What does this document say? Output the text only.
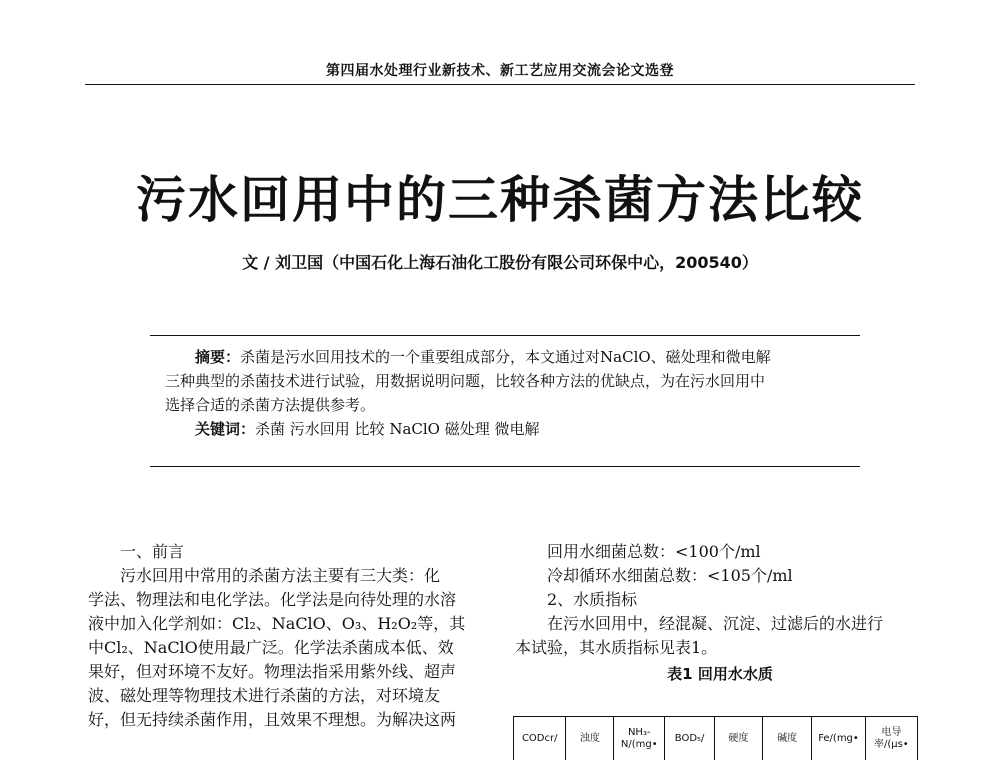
第四届水处理行业新技术、新工艺应用交流会论文选登
污水回用中的三种杀菌方法比较
文 / 刘卫国（中国石化上海石油化工股份有限公司环保中心，200540）
摘要：杀菌是污水回用技术的一个重要组成部分，本文通过对NaClO、磁处理和微电解
三种典型的杀菌技术进行试验，用数据说明问题，比较各种方法的优缺点，为在污水回用中
选择合适的杀菌方法提供参考。
关键词：杀菌 污水回用 比较 NaClO 磁处理 微电解
一、前言
污水回用中常用的杀菌方法主要有三大类：化
学法、物理法和电化学法。化学法是向待处理的水溶
液中加入化学剂如：Cl₂、NaClO、O₃、H₂O₂等，其
中Cl₂、NaClO使用最广泛。化学法杀菌成本低、效
果好，但对环境不友好。物理法指采用紫外线、超声
波、磁处理等物理技术进行杀菌的方法，对环境友
好，但无持续杀菌作用，且效果不理想。为解决这两
回用水细菌总数：<100个/ml
冷却循环水细菌总数：<105个/ml
2、水质指标
在污水回用中，经混凝、沉淀、过滤后的水进行
本试验，其水质指标见表1。
表1 回用水水质
CODcr/	浊度	NH₃-N/(mg•	BOD₅/	硬度	碱度	Fe/(mg•	电导率/(μs•
